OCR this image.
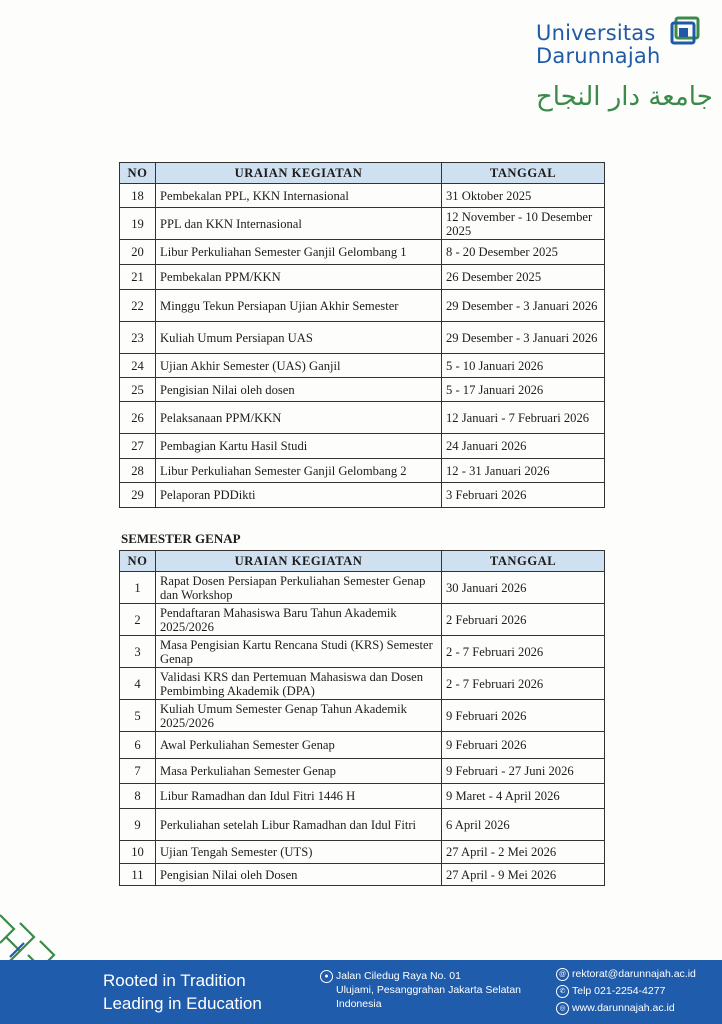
Universitas
Darunnajah
جامعة دار النجاح
NO	URAIAN KEGIATAN	TANGGAL
18	Pembekalan PPL, KKN Internasional	31 Oktober 2025
19	PPL dan KKN Internasional	12 November - 10 Desember 2025
20	Libur Perkuliahan Semester Ganjil Gelombang 1	8 - 20 Desember 2025
21	Pembekalan PPM/KKN	26 Desember 2025
22	Minggu Tekun Persiapan Ujian Akhir Semester	29 Desember - 3 Januari 2026
23	Kuliah Umum Persiapan UAS	29 Desember - 3 Januari 2026
24	Ujian Akhir Semester (UAS) Ganjil	5 - 10 Januari 2026
25	Pengisian Nilai oleh dosen	5 - 17 Januari 2026
26	Pelaksanaan PPM/KKN	12 Januari - 7 Februari 2026
27	Pembagian Kartu Hasil Studi	24 Januari 2026
28	Libur Perkuliahan Semester Ganjil Gelombang 2	12 - 31 Januari 2026
29	Pelaporan PDDikti	3 Februari 2026
SEMESTER GENAP
NO	URAIAN KEGIATAN	TANGGAL
1	Rapat Dosen Persiapan Perkuliahan Semester Genap dan Workshop	30 Januari 2026
2	Pendaftaran Mahasiswa Baru Tahun Akademik 2025/2026	2 Februari 2026
3	Masa Pengisian Kartu Rencana Studi (KRS) Semester Genap	2 - 7 Februari 2026
4	Validasi KRS dan Pertemuan Mahasiswa dan Dosen Pembimbing Akademik (DPA)	2 - 7 Februari 2026
5	Kuliah Umum Semester Genap Tahun Akademik 2025/2026	9 Februari 2026
6	Awal Perkuliahan Semester Genap	9 Februari 2026
7	Masa Perkuliahan Semester Genap	9 Februari - 27 Juni 2026
8	Libur Ramadhan dan Idul Fitri 1446 H	9 Maret - 4 April 2026
9	Perkuliahan setelah Libur Ramadhan dan Idul Fitri	6 April 2026
10	Ujian Tengah Semester (UTS)	27 April - 2 Mei 2026
11	Pengisian Nilai oleh Dosen	27 April - 9 Mei 2026
Rooted in Tradition
Leading in Education
● Jalan Ciledug Raya No. 01
Ulujami, Pesanggrahan Jakarta Selatan
Indonesia
@ rektorat@darunnajah.ac.id
✆ Telp 021-2254-4277
◎ www.darunnajah.ac.id
